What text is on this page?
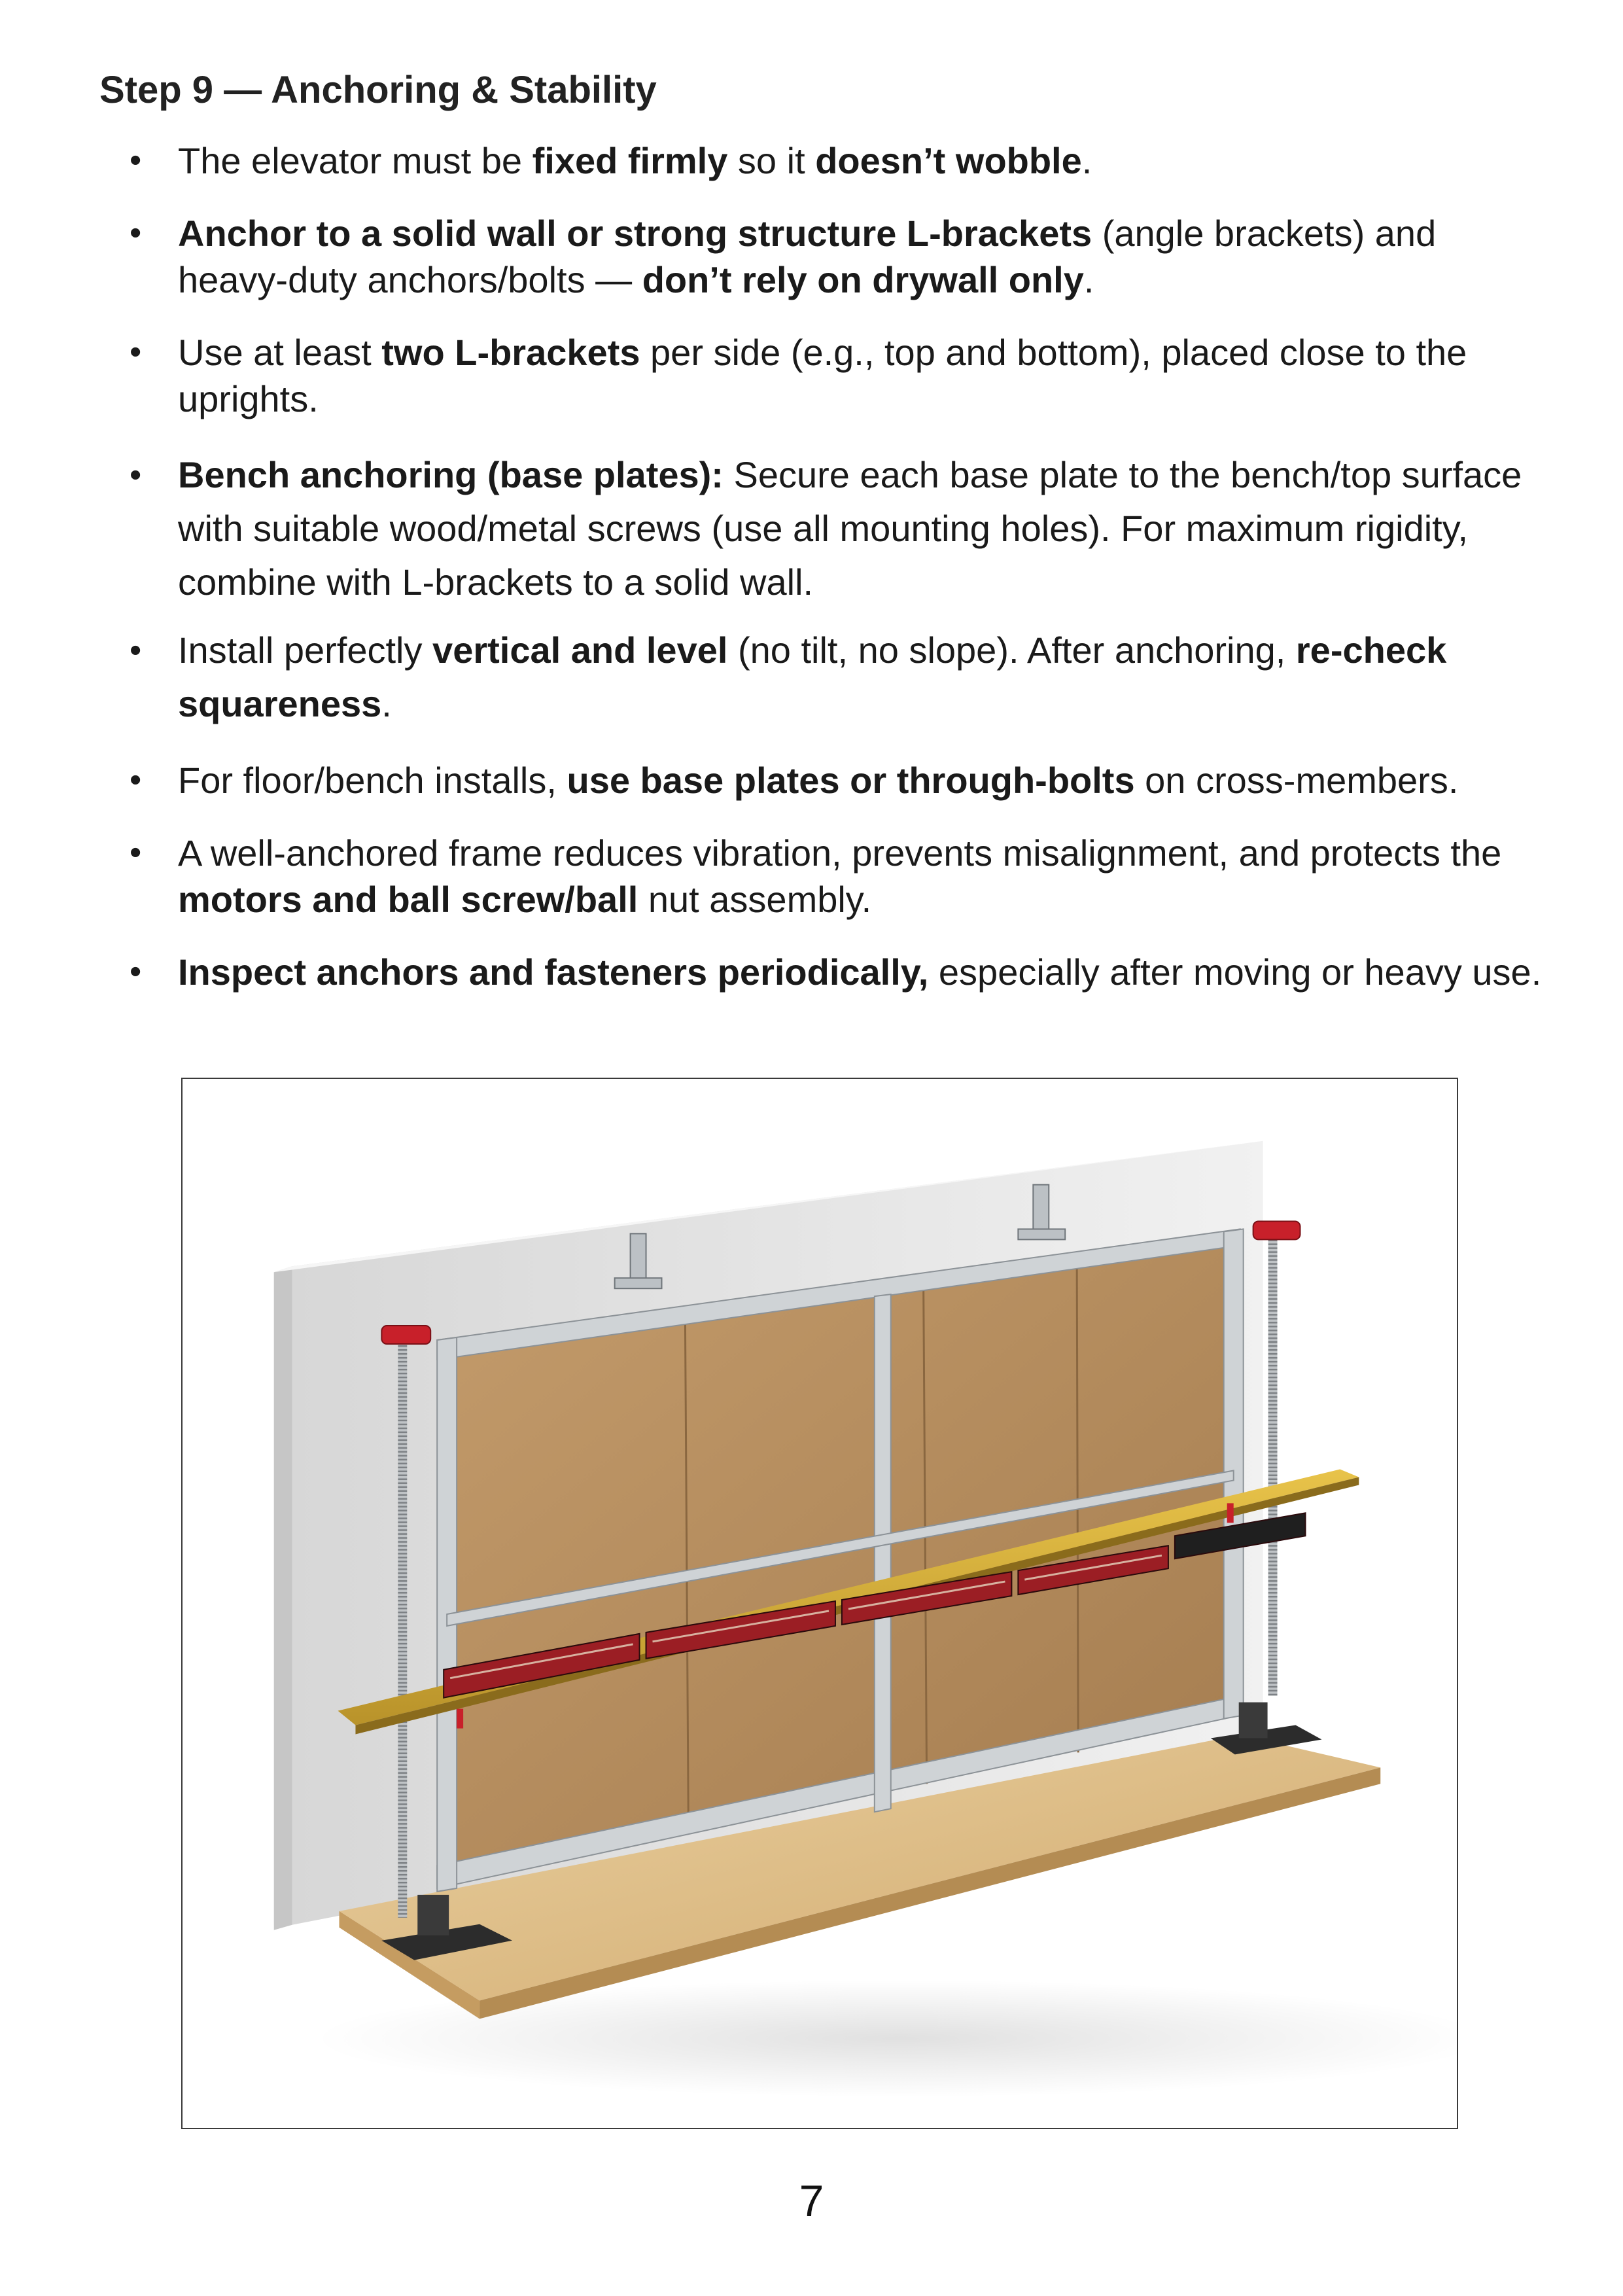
Step 9 — Anchoring & Stability
• The elevator must be fixed firmly so it doesn’t wobble.
• Anchor to a solid wall or strong structure L-brackets (angle brackets) and heavy-duty anchors/bolts — don’t rely on drywall only.
• Use at least two L-brackets per side (e.g., top and bottom), placed close to the uprights.
• Bench anchoring (base plates): Secure each base plate to the bench/top surface with suitable wood/metal screws (use all mounting holes). For maximum rigidity, combine with L-brackets to a solid wall.
• Install perfectly vertical and level (no tilt, no slope). After anchoring, re-check squareness.
• For floor/bench installs, use base plates or through-bolts on cross-members.
• A well-anchored frame reduces vibration, prevents misalignment, and protects the motors and ball screw/ball nut assembly.
• Inspect anchors and fasteners periodically, especially after moving or heavy use.
7
